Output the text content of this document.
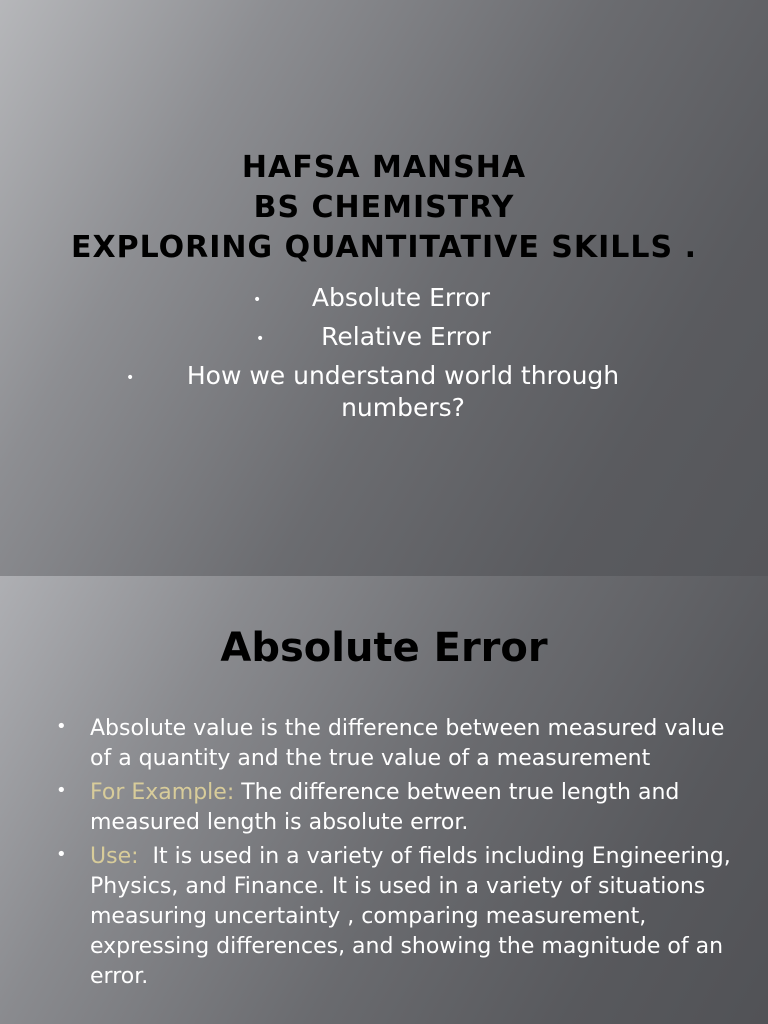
HAFSA MANSHA
BS CHEMISTRY
EXPLORING QUANTITATIVE SKILLS .
• Absolute Error
• Relative Error
• How we understand world through numbers?
Absolute Error
• Absolute value is the difference between measured value of a quantity and the true value of a measurement
• For Example: The difference between true length and measured length is absolute error.
• Use:  It is used in a variety of fields including Engineering, Physics, and Finance. It is used in a variety of situations measuring uncertainty , comparing measurement, expressing differences, and showing the magnitude of an error.
